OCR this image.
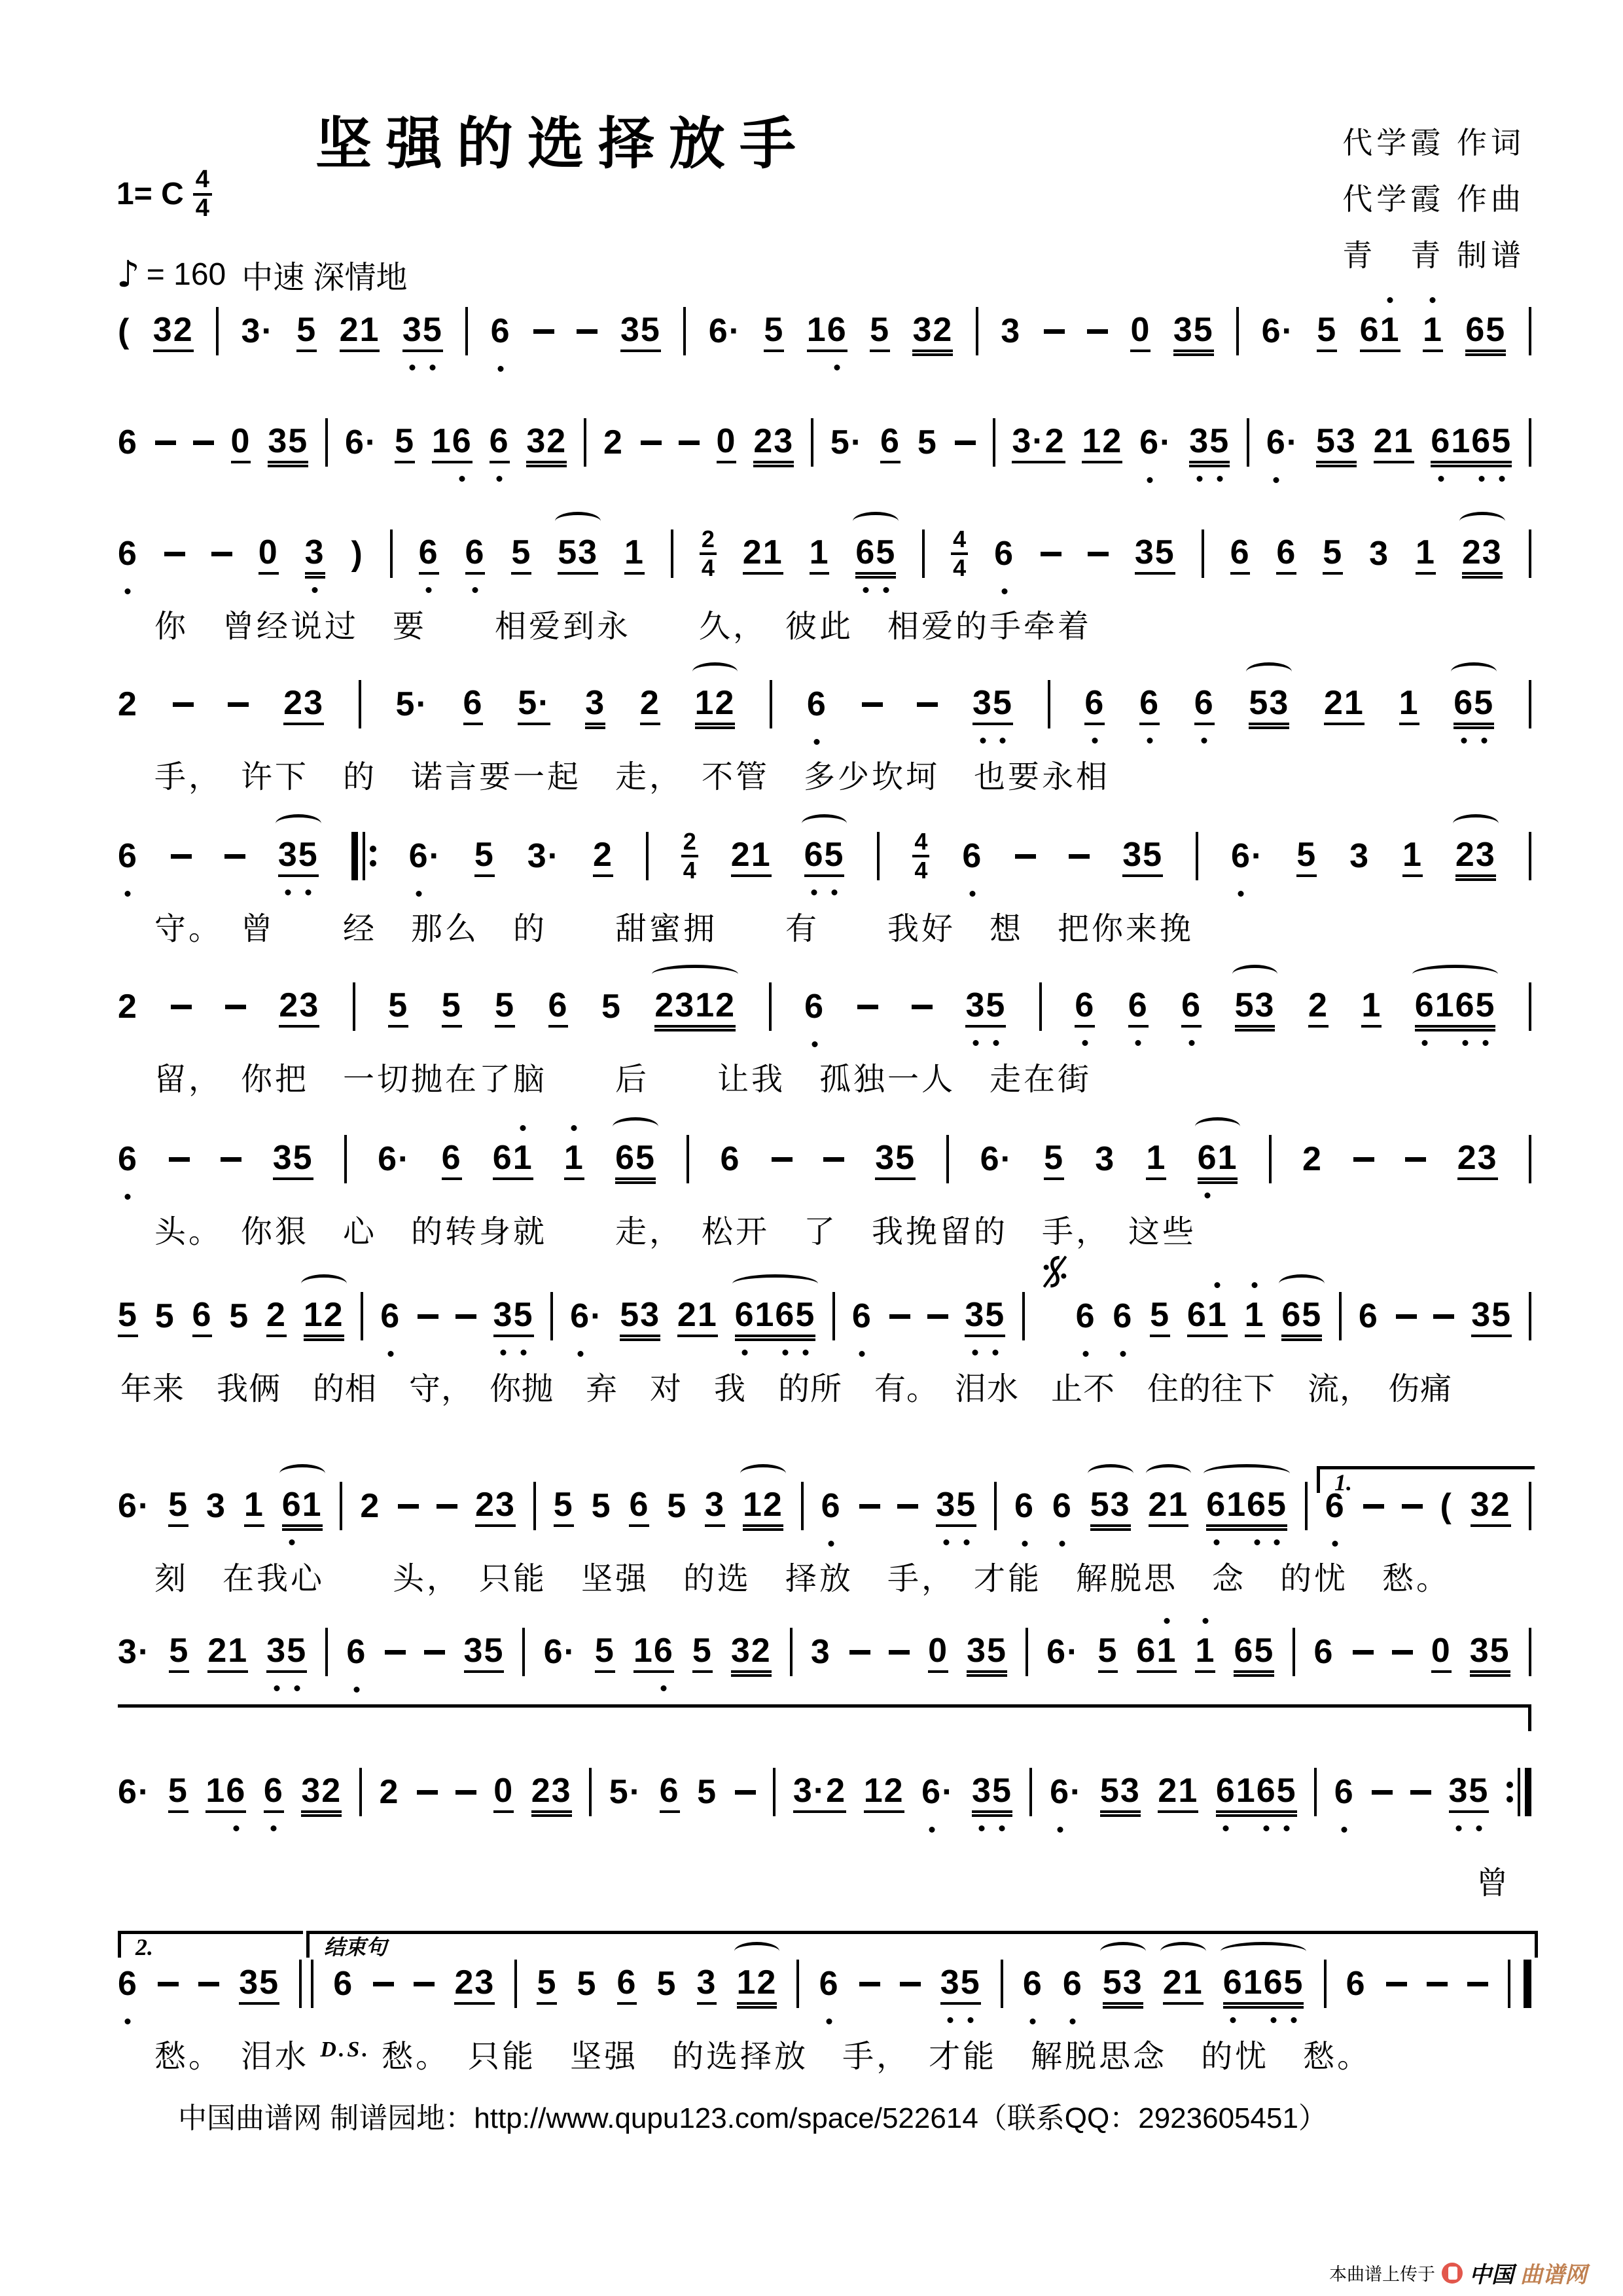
坚强的选择放手	代学霞 作词
代学霞 作曲
青　青 制谱
1= C $\frac{4}{4}$
♪ = 160 中速 深情地
( 32 3· 5 21 35 6	35 6· 5 16 5 32 3	0 35 6· 5 61 1 65
6	0 35 6· 5 16 6 32 2	0 23 5· 6 5 3·2 12 6· 35 6· 53 21 6165
6	0 3 ) 6 6 5 53 1 2
4 21 1 65 4
4 6	35 6 6 5 3 1 23
你　曾经说过　要　　相爱到永　　久，　彼此　相爱的手牵着
2	23 5· 6 5· 3 2 12 6	35 6 6 6 53 21 1 65
手，　许下　的　诺言要一起　走，　不管　多少坎坷　也要永相
6	35	6· 5 3· 2	2
4 21 65	4
4 6	35 6· 5 3 1 23
守。　曾　　经　那么　的　　甜蜜拥　　有　　我好　想　把你来挽
2	23 5 5 5 6 5 2312 6	35 6 6 6 53 2 1 6165
留，　你把　一切抛在了脑　　后　　让我　孤独一人　走在街
6	35 6· 6 61 1 65 6	35 6· 5 3 1 61 2	23
头。　你狠　心　的转身就　　走，　松开　了　我挽留的　手，　这些
5 5 6 5 2 12 6	35 6· 53 21 6165 6	35 6 6 5 61 1 65 6	35
年来　我俩　的相　守，　你抛　弃　对　我　的所　有。　泪水　止不　住的往下　流，　伤痛
6· 5 3 1 61 2	23 5 5 6 5 3 12 6	35 6 6 53 21 6165 6	( 32
刻　在我心　　头，　只能　坚强　的选　择放　手，　才能　解脱思　念　的忧　愁。
3· 5 21 35 6	35 6· 5 16 5 32 3	0 35 6· 5 61 1 65 6	0 35
6· 5 16 6 32 2	0 23 5· 6 5 3·2 12 6· 35 6· 53 21 6165 6	35
6	35 6	23 5 5 6 5 3 12 6	35 6 6 53 21 6165 6
愁。　泪水 $^{D.S.}$ 愁。　只能　坚强　的选择放　手，　才能　解脱思念　的忧　愁。
1.
2.	结束句
曾
中国曲谱网 制谱园地：http://www.qupu123.com/space/522614（联系QQ：2923605451）
本曲谱上传于 中国 曲谱网
